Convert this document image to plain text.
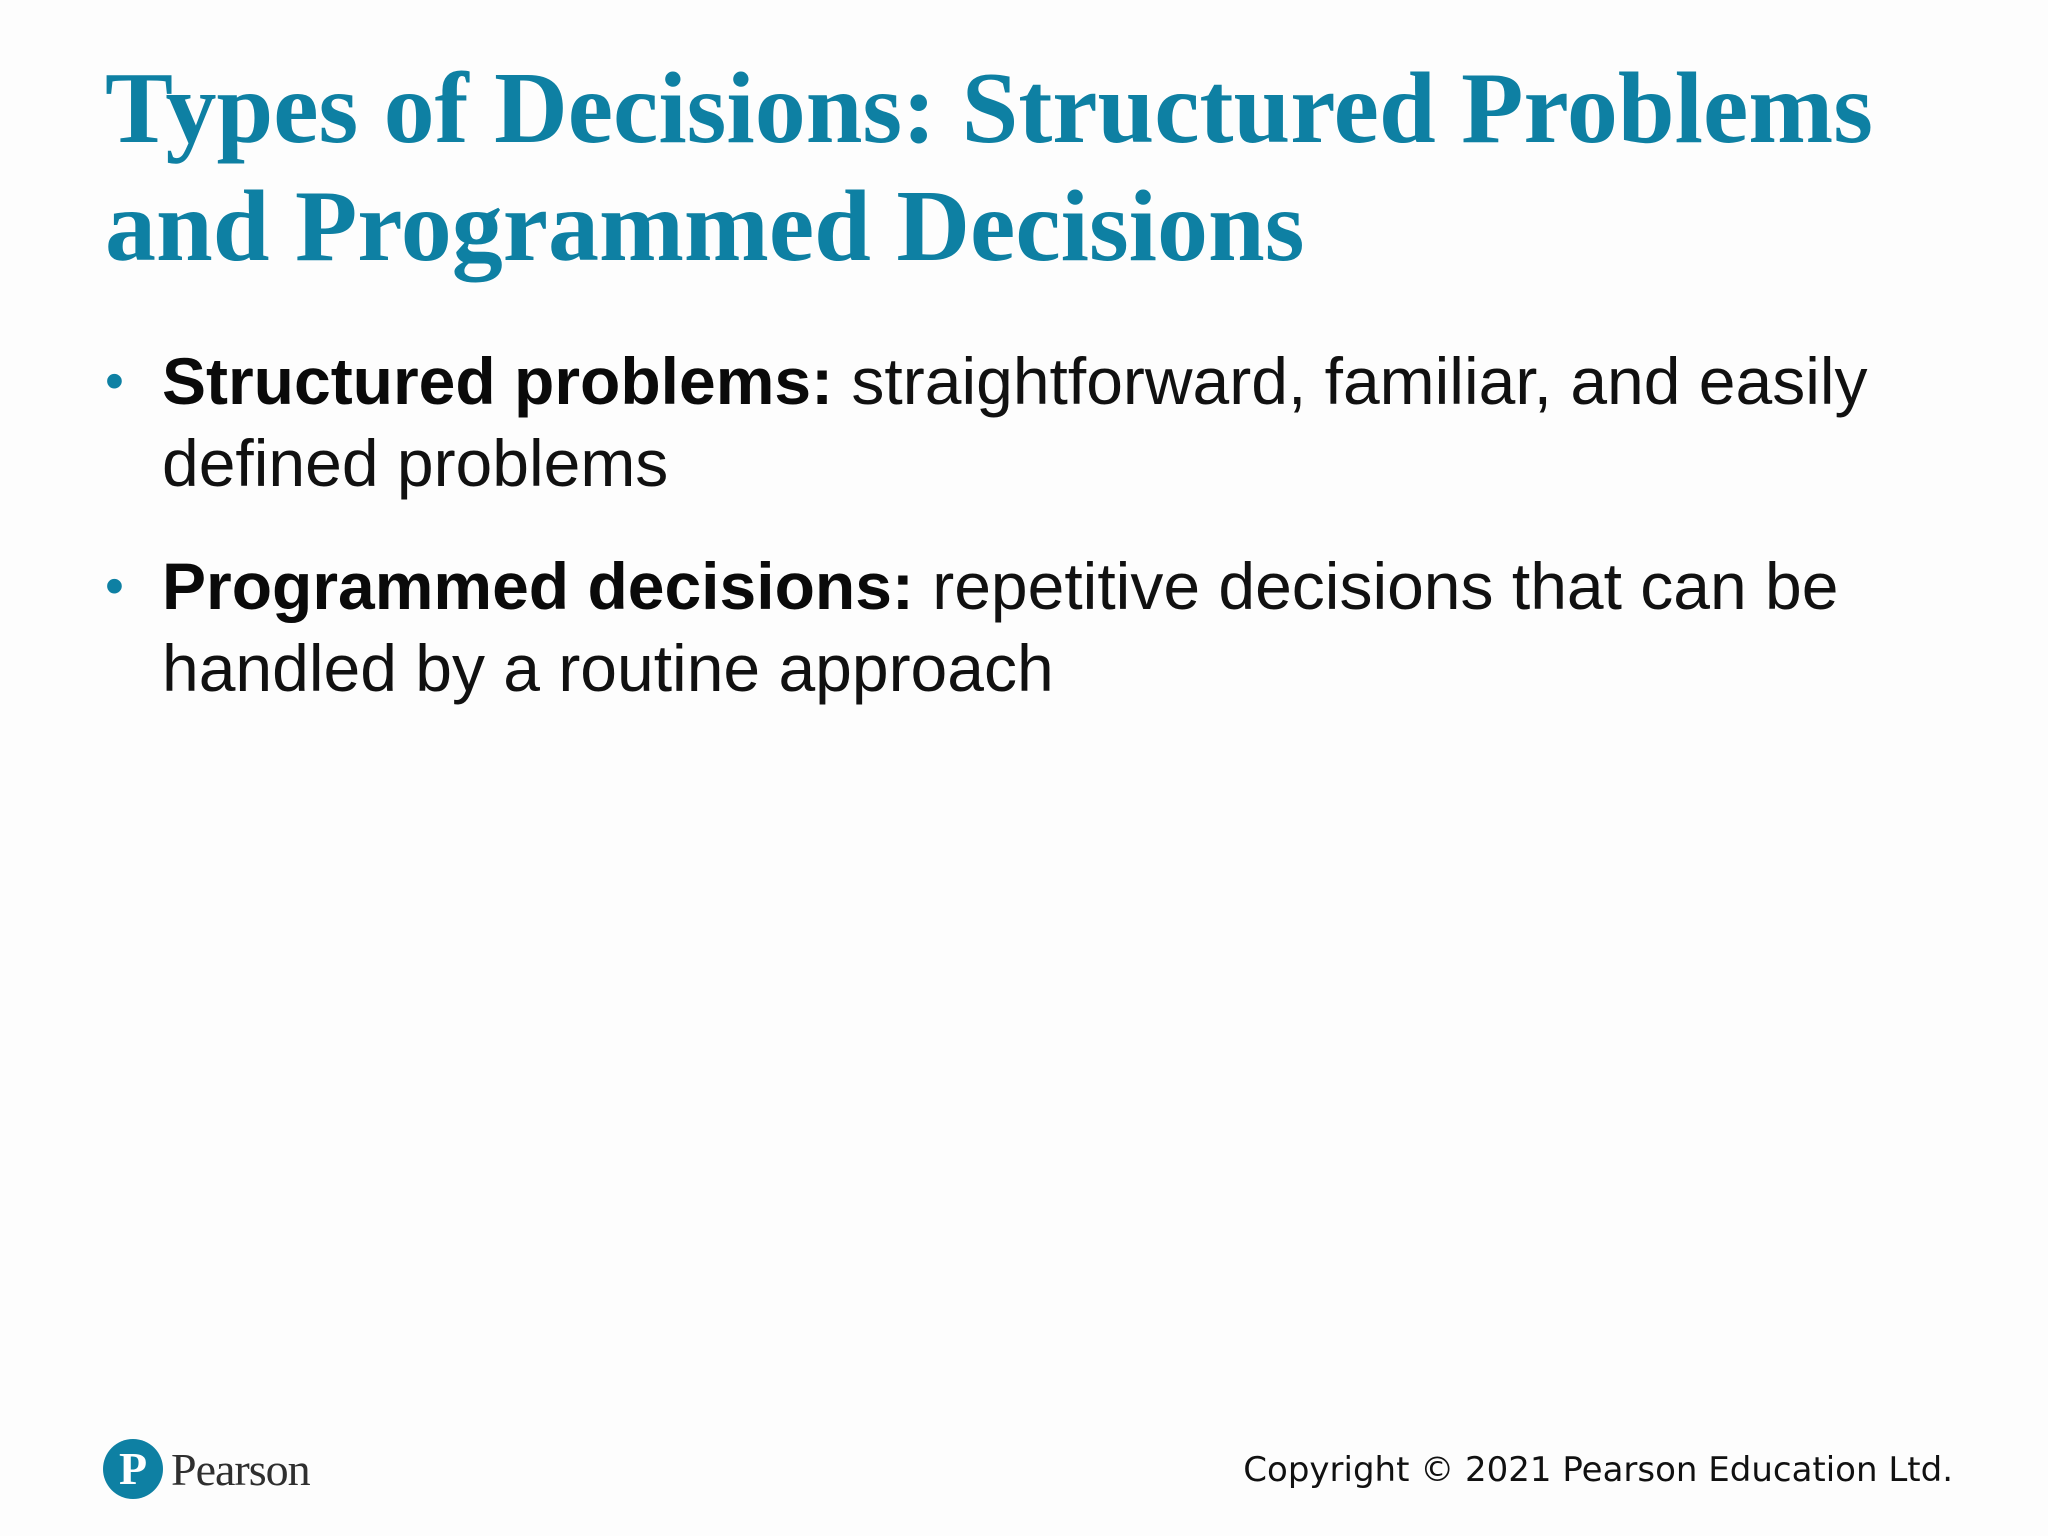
Types of Decisions: Structured Problems and Programmed Decisions
• Structured problems: straightforward, familiar, and easily defined problems
• Programmed decisions: repetitive decisions that can be handled by a routine approach
P Pearson	Copyright © 2021 Pearson Education Ltd.
